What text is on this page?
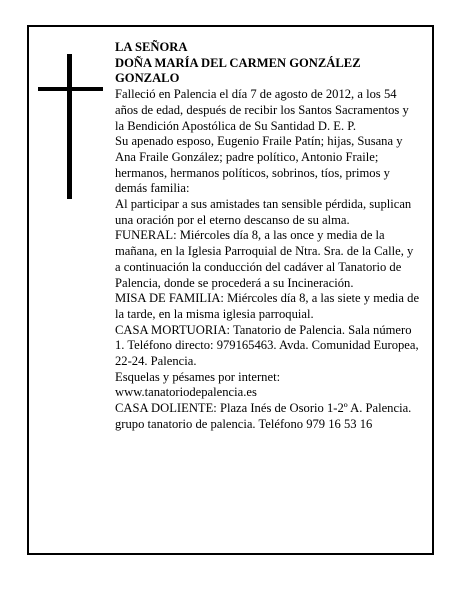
LA SEÑORA

DOÑA MARÍA DEL CARMEN GONZÁLEZ GONZALO

Falleció en Palencia el día 7 de agosto de 2012, a los 54 años de edad, después de recibir los Santos Sacramentos y la Bendición Apostólica de Su Santidad D. E. P.

Su apenado esposo, Eugenio Fraile Patín; hijas, Susana y Ana Fraile González; padre político, Antonio Fraile; hermanos, hermanos políticos, sobrinos, tíos, primos y demás familia:

Al participar a sus amistades tan sensible pérdida, suplican una oración por el eterno descanso de su alma.

FUNERAL: Miércoles día 8, a las once y media de la mañana, en la Iglesia Parroquial de Ntra. Sra. de la Calle, y a continuación la conducción del cadáver al Tanatorio de Palencia, donde se procederá a su Incineración.

MISA DE FAMILIA: Miércoles día 8, a las siete y media de la tarde, en la misma iglesia parroquial.

CASA MORTUORIA: Tanatorio de Palencia. Sala número 1. Teléfono directo: 979165463. Avda. Comunidad Europea, 22-24. Palencia.

Esquelas y pésames por internet: www.tanatoriodepalencia.es

CASA DOLIENTE: Plaza Inés de Osorio 1-2º A. Palencia.

grupo tanatorio de palencia. Teléfono 979 16 53 16
